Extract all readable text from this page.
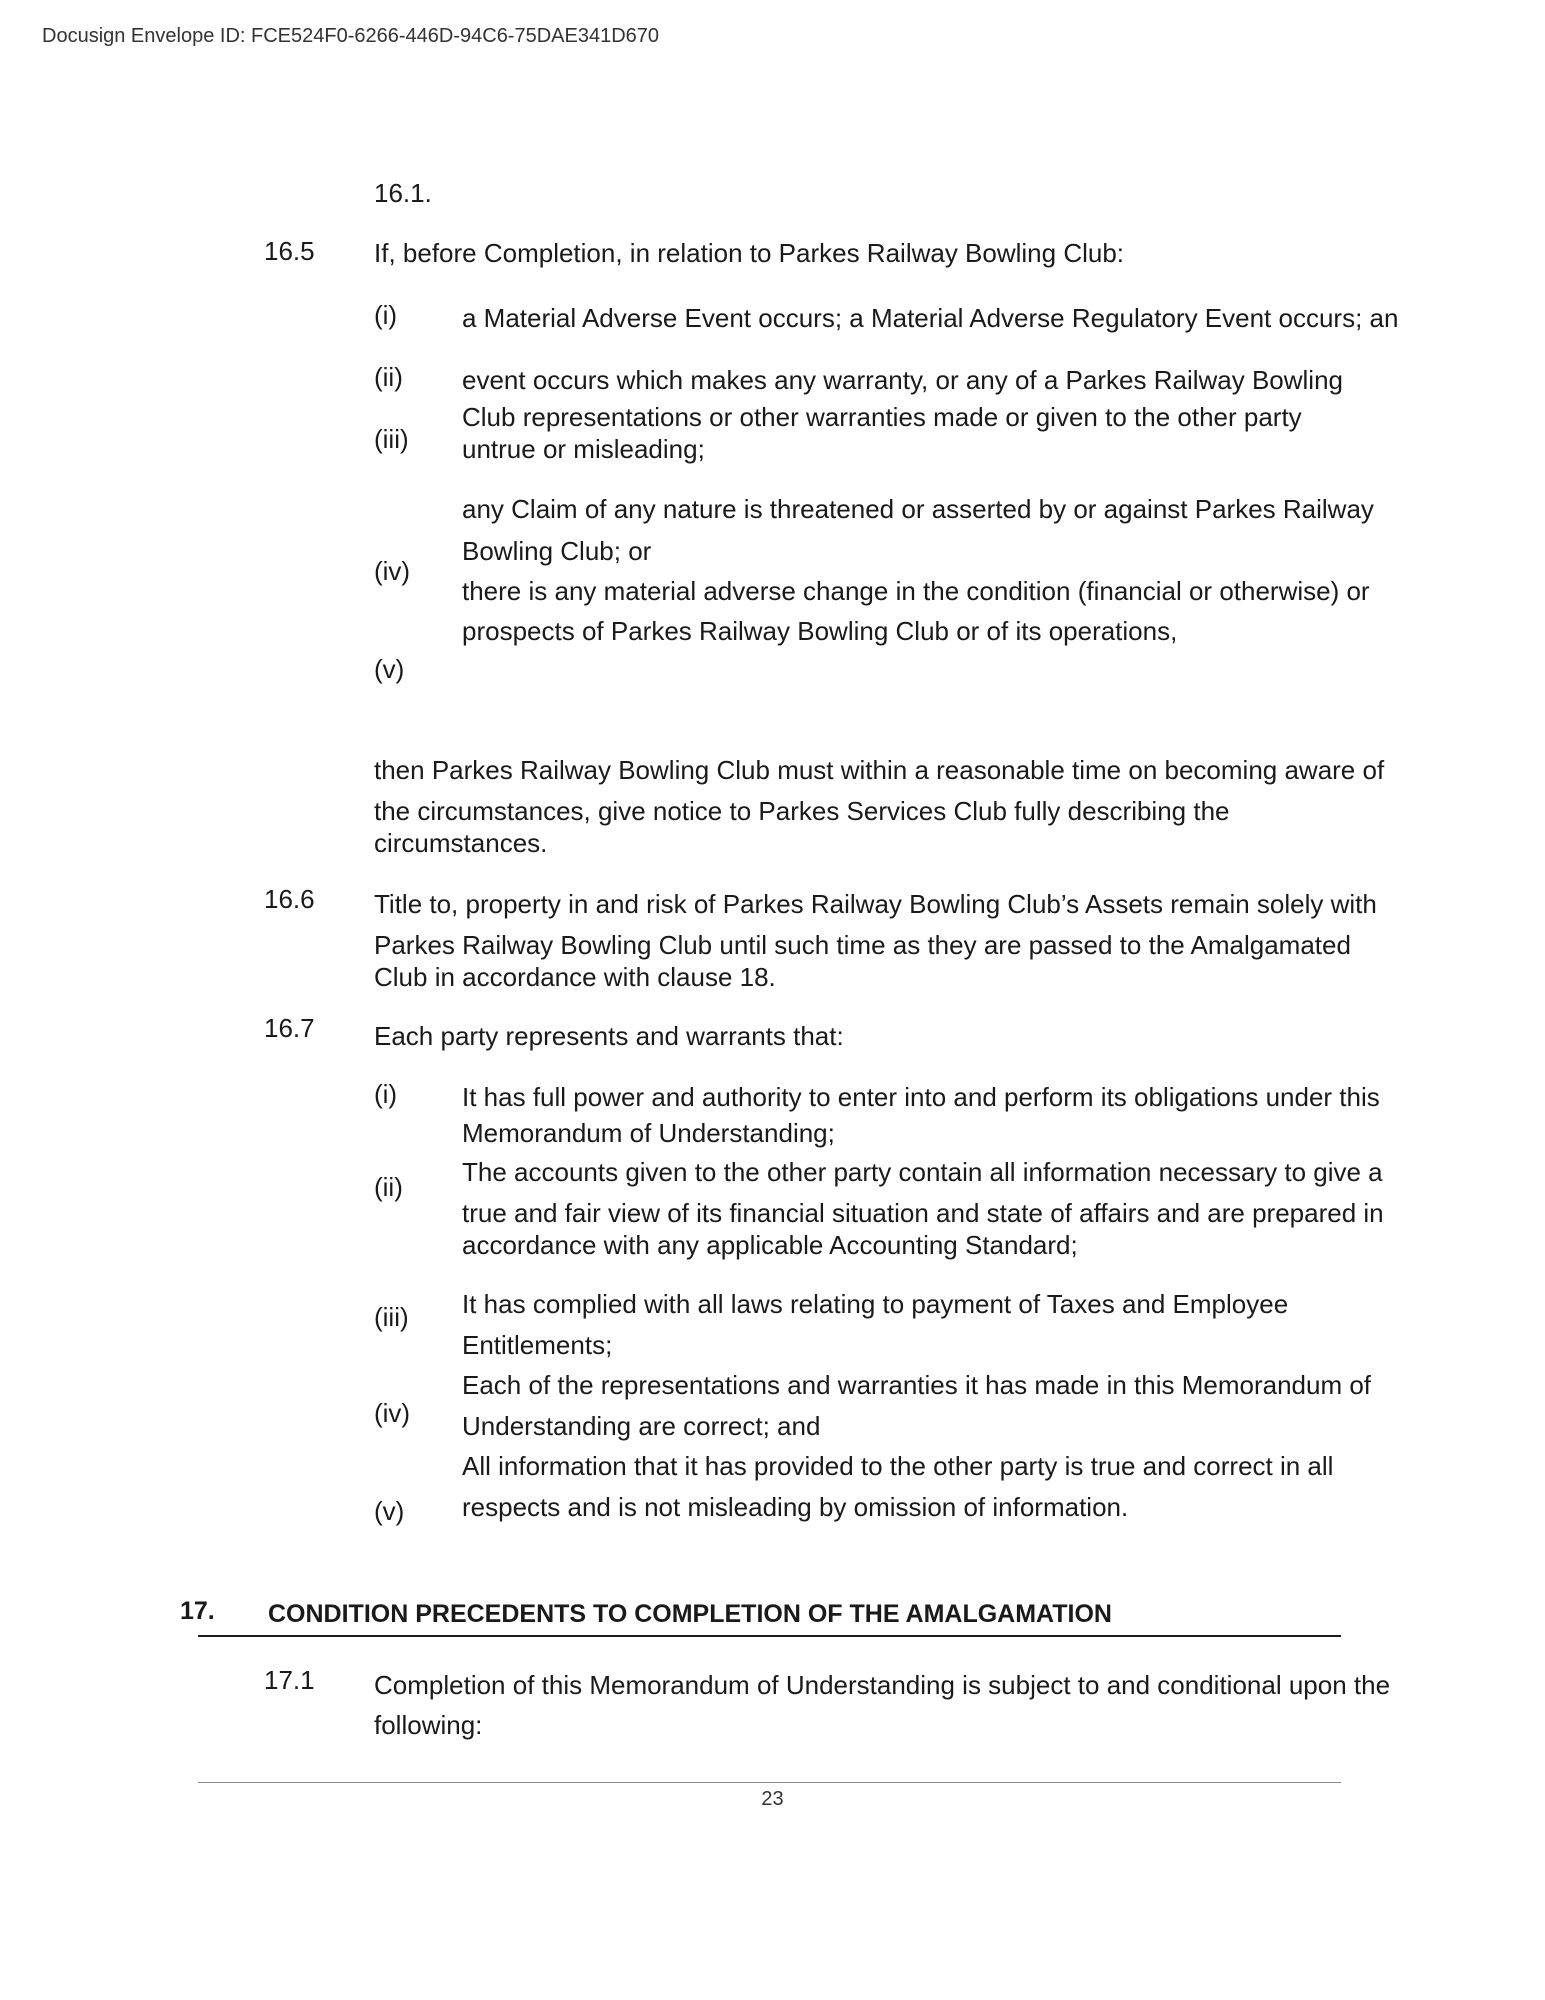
Docusign Envelope ID: FCE524F0-6266-446D-94C6-75DAE341D670
16.1.
16.5 If, before Completion, in relation to Parkes Railway Bowling Club:
(i)
(ii)
(iii)
(iv)
(v)
a Material Adverse Event occurs; a Material Adverse Regulatory Event occurs; an
event occurs which makes any warranty, or any of a Parkes Railway Bowling
Club representations or other warranties made or given to the other party
untrue or misleading;
any Claim of any nature is threatened or asserted by or against Parkes Railway
Bowling Club; or
there is any material adverse change in the condition (financial or otherwise) or
prospects of Parkes Railway Bowling Club or of its operations,
then Parkes Railway Bowling Club must within a reasonable time on becoming aware of
the circumstances, give notice to Parkes Services Club fully describing the
circumstances.
16.6 Title to, property in and risk of Parkes Railway Bowling Club’s Assets remain solely with
Parkes Railway Bowling Club until such time as they are passed to the Amalgamated
Club in accordance with clause 18.
16.7 Each party represents and warrants that:
(i)
(ii)
(iii)
(iv)
(v)
It has full power and authority to enter into and perform its obligations under this
Memorandum of Understanding;
The accounts given to the other party contain all information necessary to give a
true and fair view of its financial situation and state of affairs and are prepared in
accordance with any applicable Accounting Standard;
It has complied with all laws relating to payment of Taxes and Employee
Entitlements;
Each of the representations and warranties it has made in this Memorandum of
Understanding are correct; and
All information that it has provided to the other party is true and correct in all
respects and is not misleading by omission of information.
17. CONDITION PRECEDENTS TO COMPLETION OF THE AMALGAMATION
17.1 Completion of this Memorandum of Understanding is subject to and conditional upon the
following:
23
